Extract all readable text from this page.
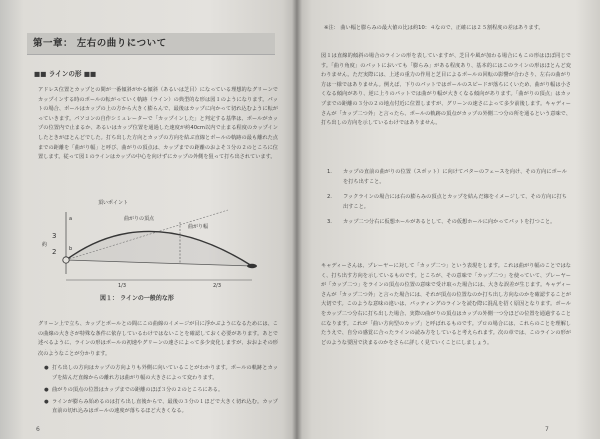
第一章： 左右の曲りについて
■■ ラインの形 ■■

アドレス位置とカップとの間が一番傾斜がかる傾斜（あるいは芝目）になっている理想的なグリーンでカップインする時のボールの転がっていく軌跡（ライン）の典型的な形は図１のようになります。パットの場合、ボールはカップの上の方から大きく膨らんで、最後はカップに向かって切れ込むように転がっていきます。パソコンの自作シミュレーターで「カップインした」と判定する基準は、ボールがカップの位置内で止まるか、あるいはカップ位置を通過した速度が約40cm以内で止まる程度のカップインしたときがほとんどでした。打ち出した方向とカップの方向を結ぶ直線とボールの軌跡の最も離れた点までの距離を「曲がり幅」と呼び、曲がりの頂点は、カップまでの距離のおよそ３分の２のところに位置します。従って図１のラインはカップの中心を向けずにカップの外側を狙って打ち出されています。

頂いポイント
曲がり幅
曲がりの頂点
1/3	2/3
3
2
a
b
約
図１： ラインの一般的な形

グリーン上で立ち、カップとボールとの間にこの曲線のイメージが目に浮かぶようになるためには、この曲線の大きさが特殊な条件に依存しているわけではないことを確認しておく必要があります。あとで述べるように、ラインの形はボールの初速やグリーンの速さによって多少変化しますが、おおよその形

次のようなことが分かります。

● 打ち出しの方向はカップの方向よりも外側に向いていることがわかります。ボールの軌跡とカップを結んだ直線からの離れ方は曲がり幅の大きさによって変わります。
● 曲がりの頂点の位置はカップまでの距離のほぼ３分の２のところにある。
● ラインが膨らみ始めるのは打ち出し直後からで、最後の３分の１ほどで大きく切れ込む。カップ直前の切れ込みはボールの速度が落ちるほど大きくなる。
6

※注： 曲い幅と膨らみの最大値の比は約10：４なので、正確には２５割程度の差はあります。

図１は直線的傾斜の場合のラインの形を表していますが、芝目や風が加わる場合にもこの形はほぼ同じです。「曲り角度」のパットにおいても「膨らみ」がある程度あり、基本的にはこのラインの形はほとんど変わりません。ただ実際には、上述の重力の作用と芝目によるボールの回転の影響が合わさり、左右の曲がり方は一様ではありません。例えば、下りのパットではボールのスピードが落ちにくいため、曲がり幅は小さくなる傾向があり、逆に上りのパットでは曲がり幅が大きくなる傾向があります。「曲がりの頂点」はカップまでの距離の３分の２の地点付近に位置しますが、グリーンの速さによって多少前後します。キャディーさんが「カップ二つ外」と言ったら、ボールの軌跡の頂点がカップの外側二つ分の所を通るという意味で、打ち出しの方向を示しているわけではありません。

1. カップの直前の曲がりの位置（スポット）に向けてパターのフェースを向け、その方向にボールを打ち出すこと。
2. フックラインの場合には右の膨らみの頂点とカップを結んだ線をイメージして、その方向に打ち出すこと。
3. カップ二つ分右に仮想ホールがあるとして、その仮想ホールに向かってパットを打つこと。

キャディーさんは、プレーヤーに対して「カップ二つ」という表現をします。これは曲がり幅のことではなく、打ち出す方向を示しているものです。ところが、その意味で「カップ二つ」を使っていて、プレーヤーが「カップ二つ」をラインの頂点の位置の意味で受け取った場合には、大きな誤差が生じます。キャディーさんが「カップ二つ外」と言った場合には、それが頂点の位置なのか打ち出し方向なのかを確認することが大切です。このような意味の違いは、パッティングのラインを読む際に混乱を招く原因となります。ボールをカップ二つ分右に打ち出した場合、実際の曲がりの頂点はカップの外側一つ分ほどの位置を通過することになります。これが「曲い方向型のカップ」と呼ばれるものです。プロの場合には、これらのことを理解したうえで、自分の感覚に合ったラインの読み方をしていると考えられます。次の章では、このラインの形がどのような要因で決まるのかをさらに詳しく見ていくことにしましょう。

7
